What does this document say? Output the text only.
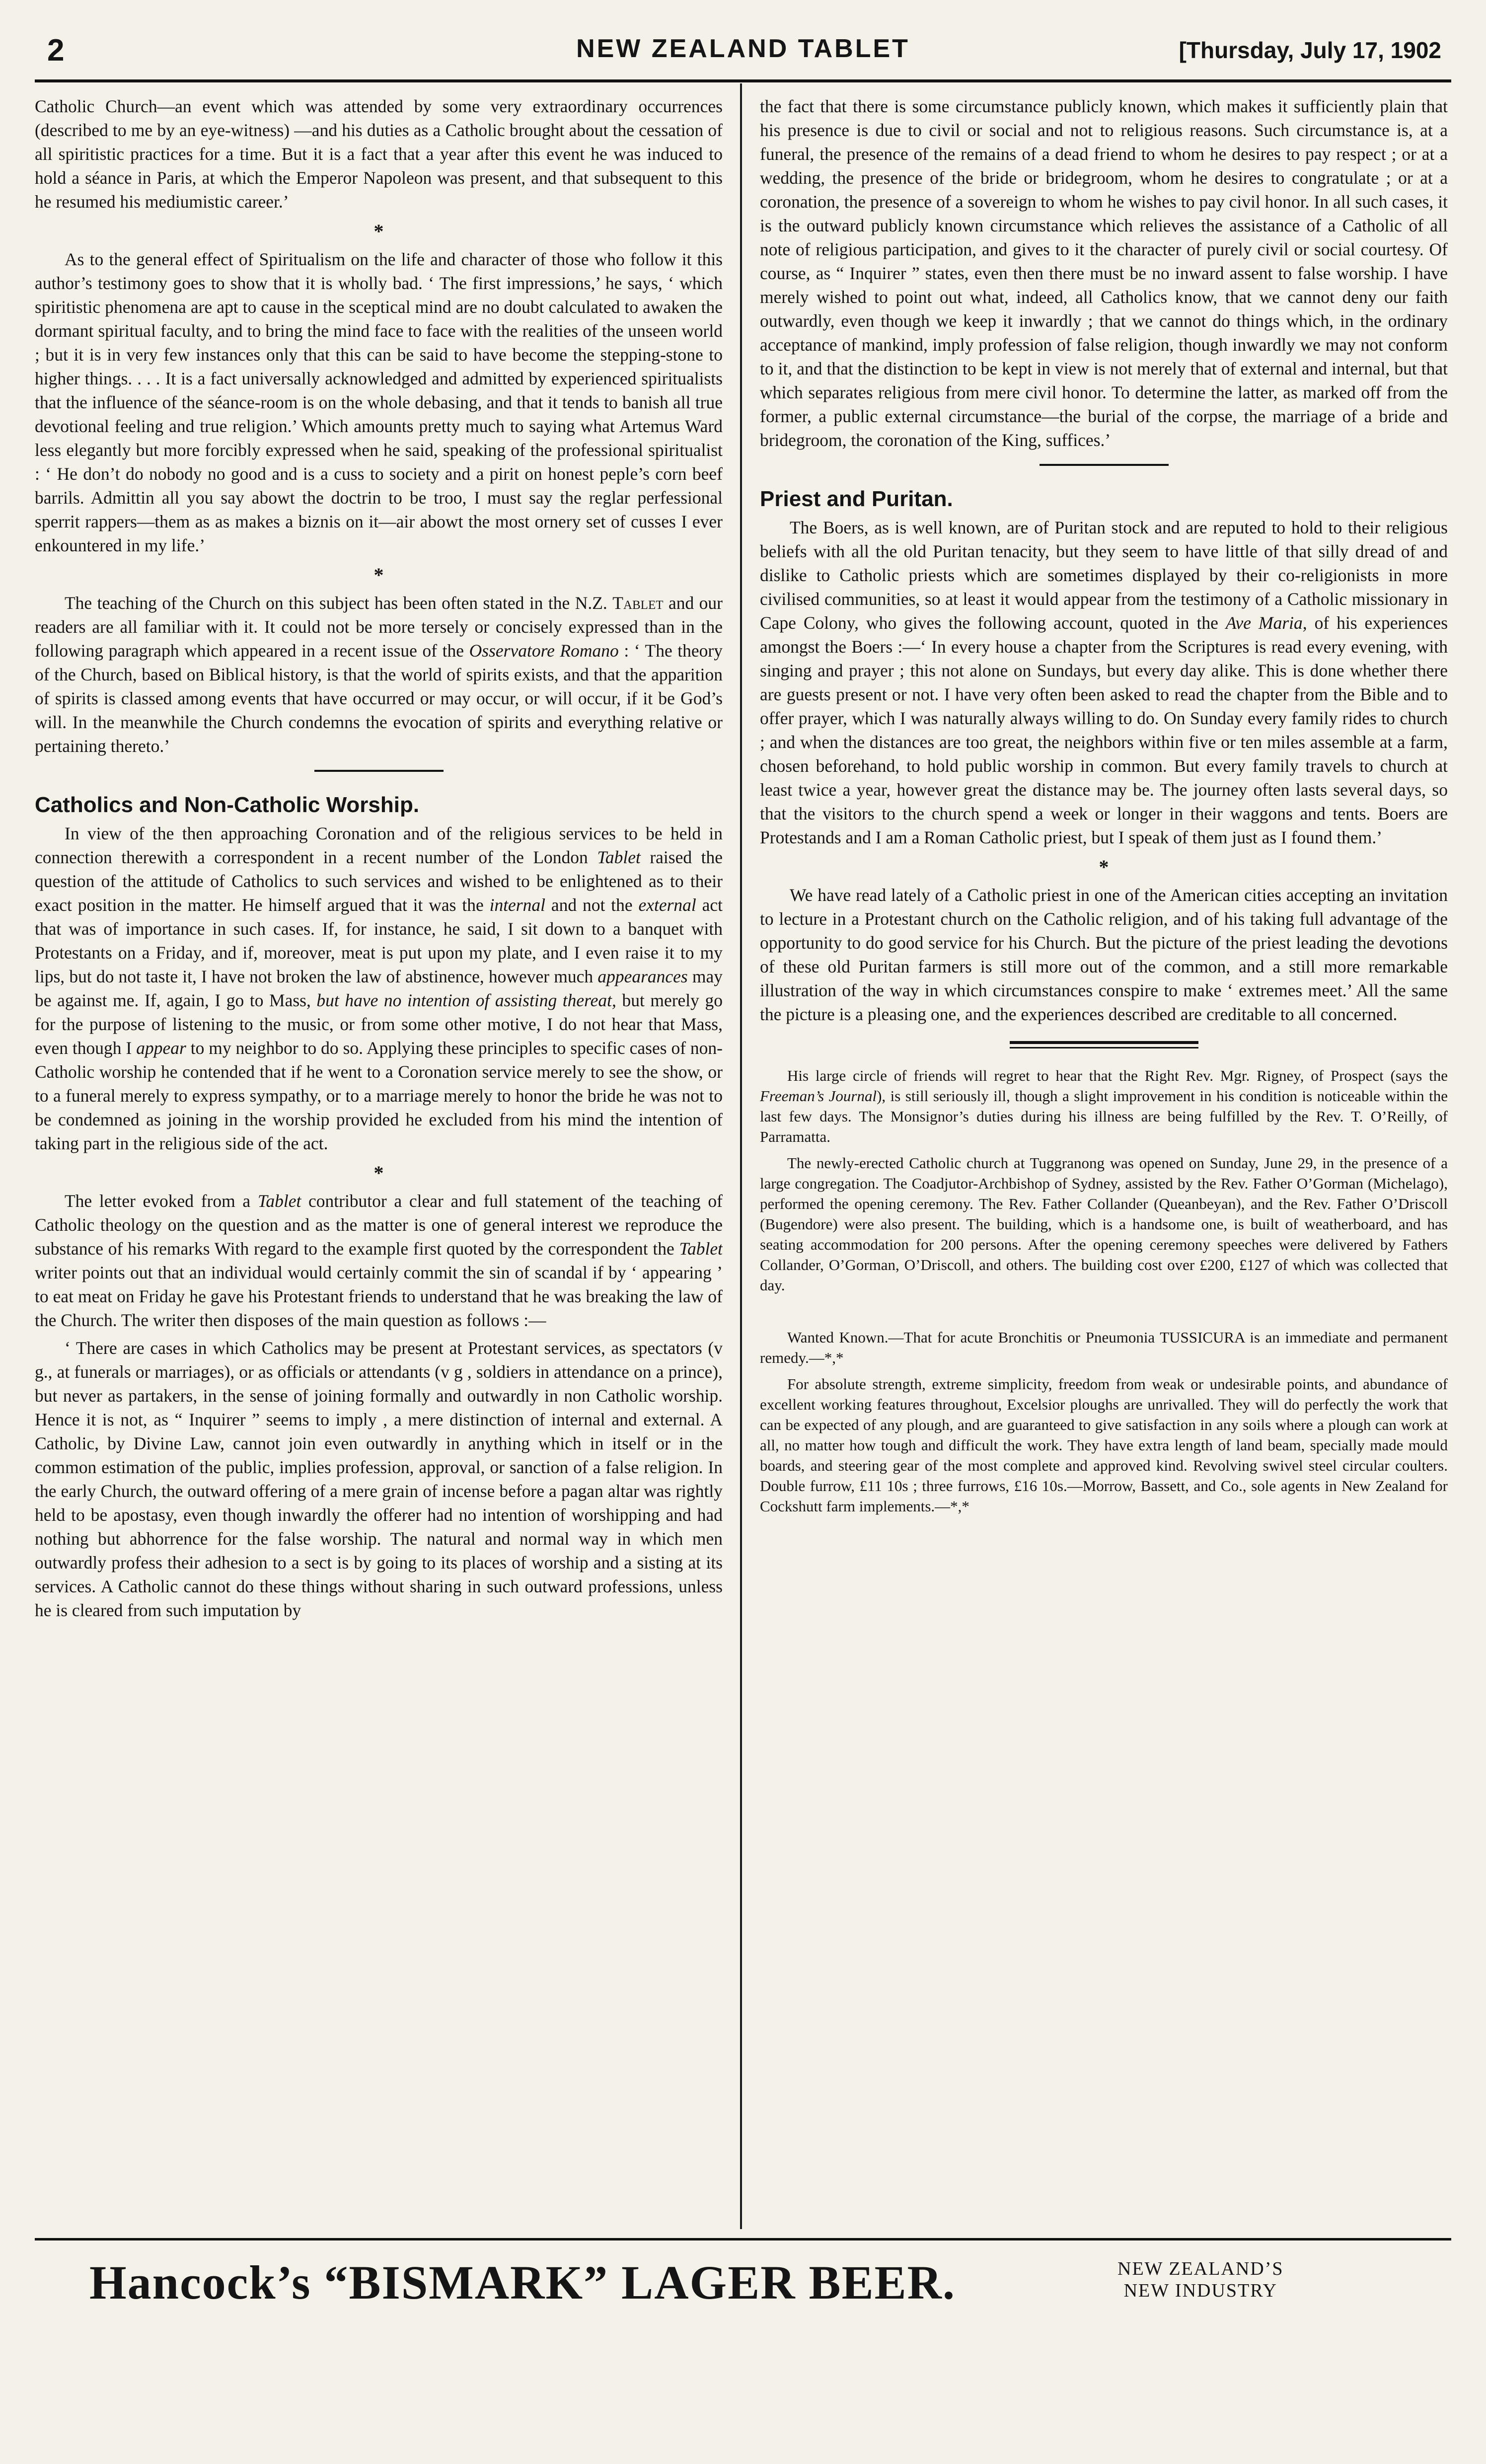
2	NEW ZEALAND TABLET	[Thursday, July 17, 1902

Catholic Church—an event which was attended by some very extraordinary occurrences (described to me by an eye-witness) —and his duties as a Catholic brought about the cessation of all spiritistic practices for a time. But it is a fact that a year after this event he was induced to hold a séance in Paris, at which the Emperor Napoleon was present, and that subsequent to this he resumed his mediumistic career.’

*

As to the general effect of Spiritualism on the life and character of those who follow it this author’s testimony goes to show that it is wholly bad. ‘ The first impressions,’ he says, ‘ which spiritistic phenomena are apt to cause in the sceptical mind are no doubt calculated to awaken the dormant spiritual faculty, and to bring the mind face to face with the realities of the unseen world ; but it is in very few instances only that this can be said to have become the stepping-stone to higher things. . . . It is a fact universally acknowledged and admitted by experienced spiritualists that the influence of the séance-room is on the whole debasing, and that it tends to banish all true devotional feeling and true religion.’ Which amounts pretty much to saying what Artemus Ward less elegantly but more forcibly expressed when he said, speaking of the professional spiritualist : ‘ He don’t do nobody no good and is a cuss to society and a pirit on honest peple’s corn beef barrils. Admittin all you say abowt the doctrin to be troo, I must say the reglar perfessional sperrit rappers—them as as makes a biznis on it—air abowt the most ornery set of cusses I ever enkountered in my life.’

*

The teaching of the Church on this subject has been often stated in the N.Z. Tablet and our readers are all familiar with it. It could not be more tersely or concisely expressed than in the following paragraph which appeared in a recent issue of the Osservatore Romano : ‘ The theory of the Church, based on Biblical history, is that the world of spirits exists, and that the apparition of spirits is classed among events that have occurred or may occur, or will occur, if it be God’s will. In the meanwhile the Church condemns the evocation of spirits and everything relative or pertaining thereto.’

Catholics and Non-Catholic Worship.

In view of the then approaching Coronation and of the religious services to be held in connection therewith a correspondent in a recent number of the London Tablet raised the question of the attitude of Catholics to such services and wished to be enlightened as to their exact position in the matter. He himself argued that it was the internal and not the external act that was of importance in such cases. If, for instance, he said, I sit down to a banquet with Protestants on a Friday, and if, moreover, meat is put upon my plate, and I even raise it to my lips, but do not taste it, I have not broken the law of abstinence, however much appearances may be against me. If, again, I go to Mass, but have no intention of assisting thereat, but merely go for the purpose of listening to the music, or from some other motive, I do not hear that Mass, even though I appear to my neighbor to do so. Applying these principles to specific cases of non-Catholic worship he contended that if he went to a Coronation service merely to see the show, or to a funeral merely to express sympathy, or to a marriage merely to honor the bride he was not to be condemned as joining in the worship provided he excluded from his mind the intention of taking part in the religious side of the act.

*

The letter evoked from a Tablet contributor a clear and full statement of the teaching of Catholic theology on the question and as the matter is one of general interest we reproduce the substance of his remarks With regard to the example first quoted by the correspondent the Tablet writer points out that an individual would certainly commit the sin of scandal if by ‘ appearing ’ to eat meat on Friday he gave his Protestant friends to understand that he was breaking the law of the Church. The writer then disposes of the main question as follows :—

‘ There are cases in which Catholics may be present at Protestant services, as spectators (v g., at funerals or marriages), or as officials or attendants (v g , soldiers in attendance on a prince), but never as partakers, in the sense of joining formally and outwardly in non Catholic worship. Hence it is not, as “ Inquirer ” seems to imply , a mere distinction of internal and external. A Catholic, by Divine Law, cannot join even outwardly in anything which in itself or in the common estimation of the public, implies profession, approval, or sanction of a false religion. In the early Church, the outward offering of a mere grain of incense before a pagan altar was rightly held to be apostasy, even though inwardly the offerer had no intention of worshipping and had nothing but abhorrence for the false worship. The natural and normal way in which men outwardly profess their adhesion to a sect is by going to its places of worship and a sisting at its services. A Catholic cannot do these things without sharing in such outward professions, unless he is cleared from such imputation by

the fact that there is some circumstance publicly known, which makes it sufficiently plain that his presence is due to civil or social and not to religious reasons. Such circumstance is, at a funeral, the presence of the remains of a dead friend to whom he desires to pay respect ; or at a wedding, the presence of the bride or bridegroom, whom he desires to congratulate ; or at a coronation, the presence of a sovereign to whom he wishes to pay civil honor. In all such cases, it is the outward publicly known circumstance which relieves the assistance of a Catholic of all note of religious participation, and gives to it the character of purely civil or social courtesy. Of course, as “ Inquirer ” states, even then there must be no inward assent to false worship. I have merely wished to point out what, indeed, all Catholics know, that we cannot deny our faith outwardly, even though we keep it inwardly ; that we cannot do things which, in the ordinary acceptance of mankind, imply profession of false religion, though inwardly we may not conform to it, and that the distinction to be kept in view is not merely that of external and internal, but that which separates religious from mere civil honor. To determine the latter, as marked off from the former, a public external circumstance—the burial of the corpse, the marriage of a bride and bridegroom, the coronation of the King, suffices.’

Priest and Puritan.

The Boers, as is well known, are of Puritan stock and are reputed to hold to their religious beliefs with all the old Puritan tenacity, but they seem to have little of that silly dread of and dislike to Catholic priests which are sometimes displayed by their co-religionists in more civilised communities, so at least it would appear from the testimony of a Catholic missionary in Cape Colony, who gives the following account, quoted in the Ave Maria, of his experiences amongst the Boers :—‘ In every house a chapter from the Scriptures is read every evening, with singing and prayer ; this not alone on Sundays, but every day alike. This is done whether there are guests present or not. I have very often been asked to read the chapter from the Bible and to offer prayer, which I was naturally always willing to do. On Sunday every family rides to church ; and when the distances are too great, the neighbors within five or ten miles assemble at a farm, chosen beforehand, to hold public worship in common. But every family travels to church at least twice a year, however great the distance may be. The journey often lasts several days, so that the visitors to the church spend a week or longer in their waggons and tents. Boers are Protestands and I am a Roman Catholic priest, but I speak of them just as I found them.’

*

We have read lately of a Catholic priest in one of the American cities accepting an invitation to lecture in a Protestant church on the Catholic religion, and of his taking full advantage of the opportunity to do good service for his Church. But the picture of the priest leading the devotions of these old Puritan farmers is still more out of the common, and a still more remarkable illustration of the way in which circumstances conspire to make ‘ extremes meet.’ All the same the picture is a pleasing one, and the experiences described are creditable to all concerned.

His large circle of friends will regret to hear that the Right Rev. Mgr. Rigney, of Prospect (says the Freeman’s Journal), is still seriously ill, though a slight improvement in his condition is noticeable within the last few days. The Monsignor’s duties during his illness are being fulfilled by the Rev. T. O’Reilly, of Parramatta.

The newly-erected Catholic church at Tuggranong was opened on Sunday, June 29, in the presence of a large congregation. The Coadjutor-Archbishop of Sydney, assisted by the Rev. Father O’Gorman (Michelago), performed the opening ceremony. The Rev. Father Collander (Queanbeyan), and the Rev. Father O’Driscoll (Bugendore) were also present. The building, which is a handsome one, is built of weatherboard, and has seating accommodation for 200 persons. After the opening ceremony speeches were delivered by Fathers Collander, O’Gorman, O’Driscoll, and others. The building cost over £200, £127 of which was collected that day.

Wanted Known.—That for acute Bronchitis or Pneumonia TUSSICURA is an immediate and permanent remedy.—*,*

For absolute strength, extreme simplicity, freedom from weak or undesirable points, and abundance of excellent working features throughout, Excelsior ploughs are unrivalled. They will do perfectly the work that can be expected of any plough, and are guaranteed to give satisfaction in any soils where a plough can work at all, no matter how tough and difficult the work. They have extra length of land beam, specially made mould boards, and steering gear of the most complete and approved kind. Revolving swivel steel circular coulters. Double furrow, £11 10s ; three furrows, £16 10s.—Morrow, Bassett, and Co., sole agents in New Zealand for Cockshutt farm implements.—*,*

Hancock’s “BISMARK” LAGER BEER.	NEW ZEALAND’S
NEW INDUSTRY
